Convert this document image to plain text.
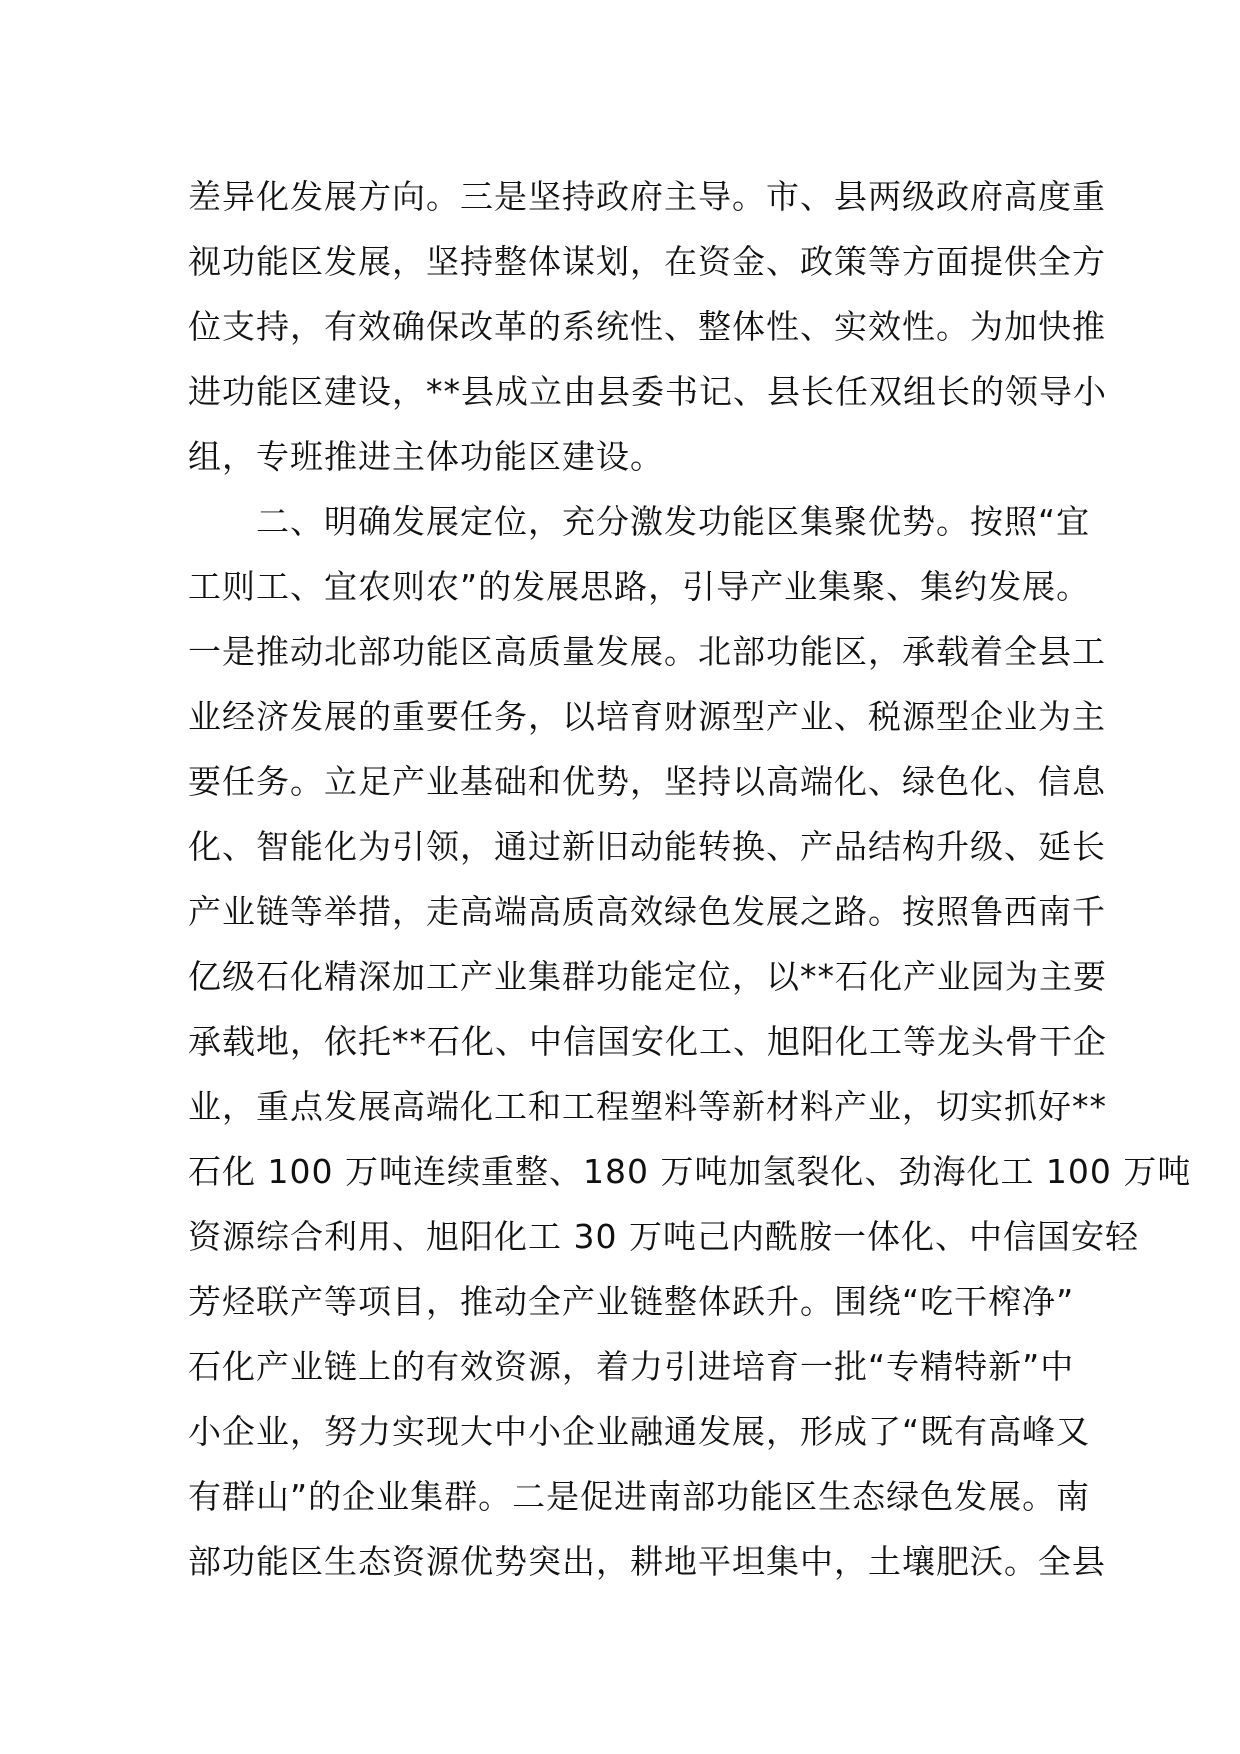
差异化发展方向。三是坚持政府主导。市、县两级政府高度重
视功能区发展，坚持整体谋划，在资金、政策等方面提供全方
位支持，有效确保改革的系统性、整体性、实效性。为加快推
进功能区建设，**县成立由县委书记、县长任双组长的领导小
组，专班推进主体功能区建设。
　　二、明确发展定位，充分激发功能区集聚优势。按照“宜
工则工、宜农则农”的发展思路，引导产业集聚、集约发展。
一是推动北部功能区高质量发展。北部功能区，承载着全县工
业经济发展的重要任务，以培育财源型产业、税源型企业为主
要任务。立足产业基础和优势，坚持以高端化、绿色化、信息
化、智能化为引领，通过新旧动能转换、产品结构升级、延长
产业链等举措，走高端高质高效绿色发展之路。按照鲁西南千
亿级石化精深加工产业集群功能定位，以**石化产业园为主要
承载地，依托**石化、中信国安化工、旭阳化工等龙头骨干企
业，重点发展高端化工和工程塑料等新材料产业，切实抓好**
石化 100 万吨连续重整、180 万吨加氢裂化、劲海化工 100 万吨
资源综合利用、旭阳化工 30 万吨己内酰胺一体化、中信国安轻
芳烃联产等项目，推动全产业链整体跃升。围绕“吃干榨净”
石化产业链上的有效资源，着力引进培育一批“专精特新”中
小企业，努力实现大中小企业融通发展，形成了“既有高峰又
有群山”的企业集群。二是促进南部功能区生态绿色发展。南
部功能区生态资源优势突出，耕地平坦集中，土壤肥沃。全县
